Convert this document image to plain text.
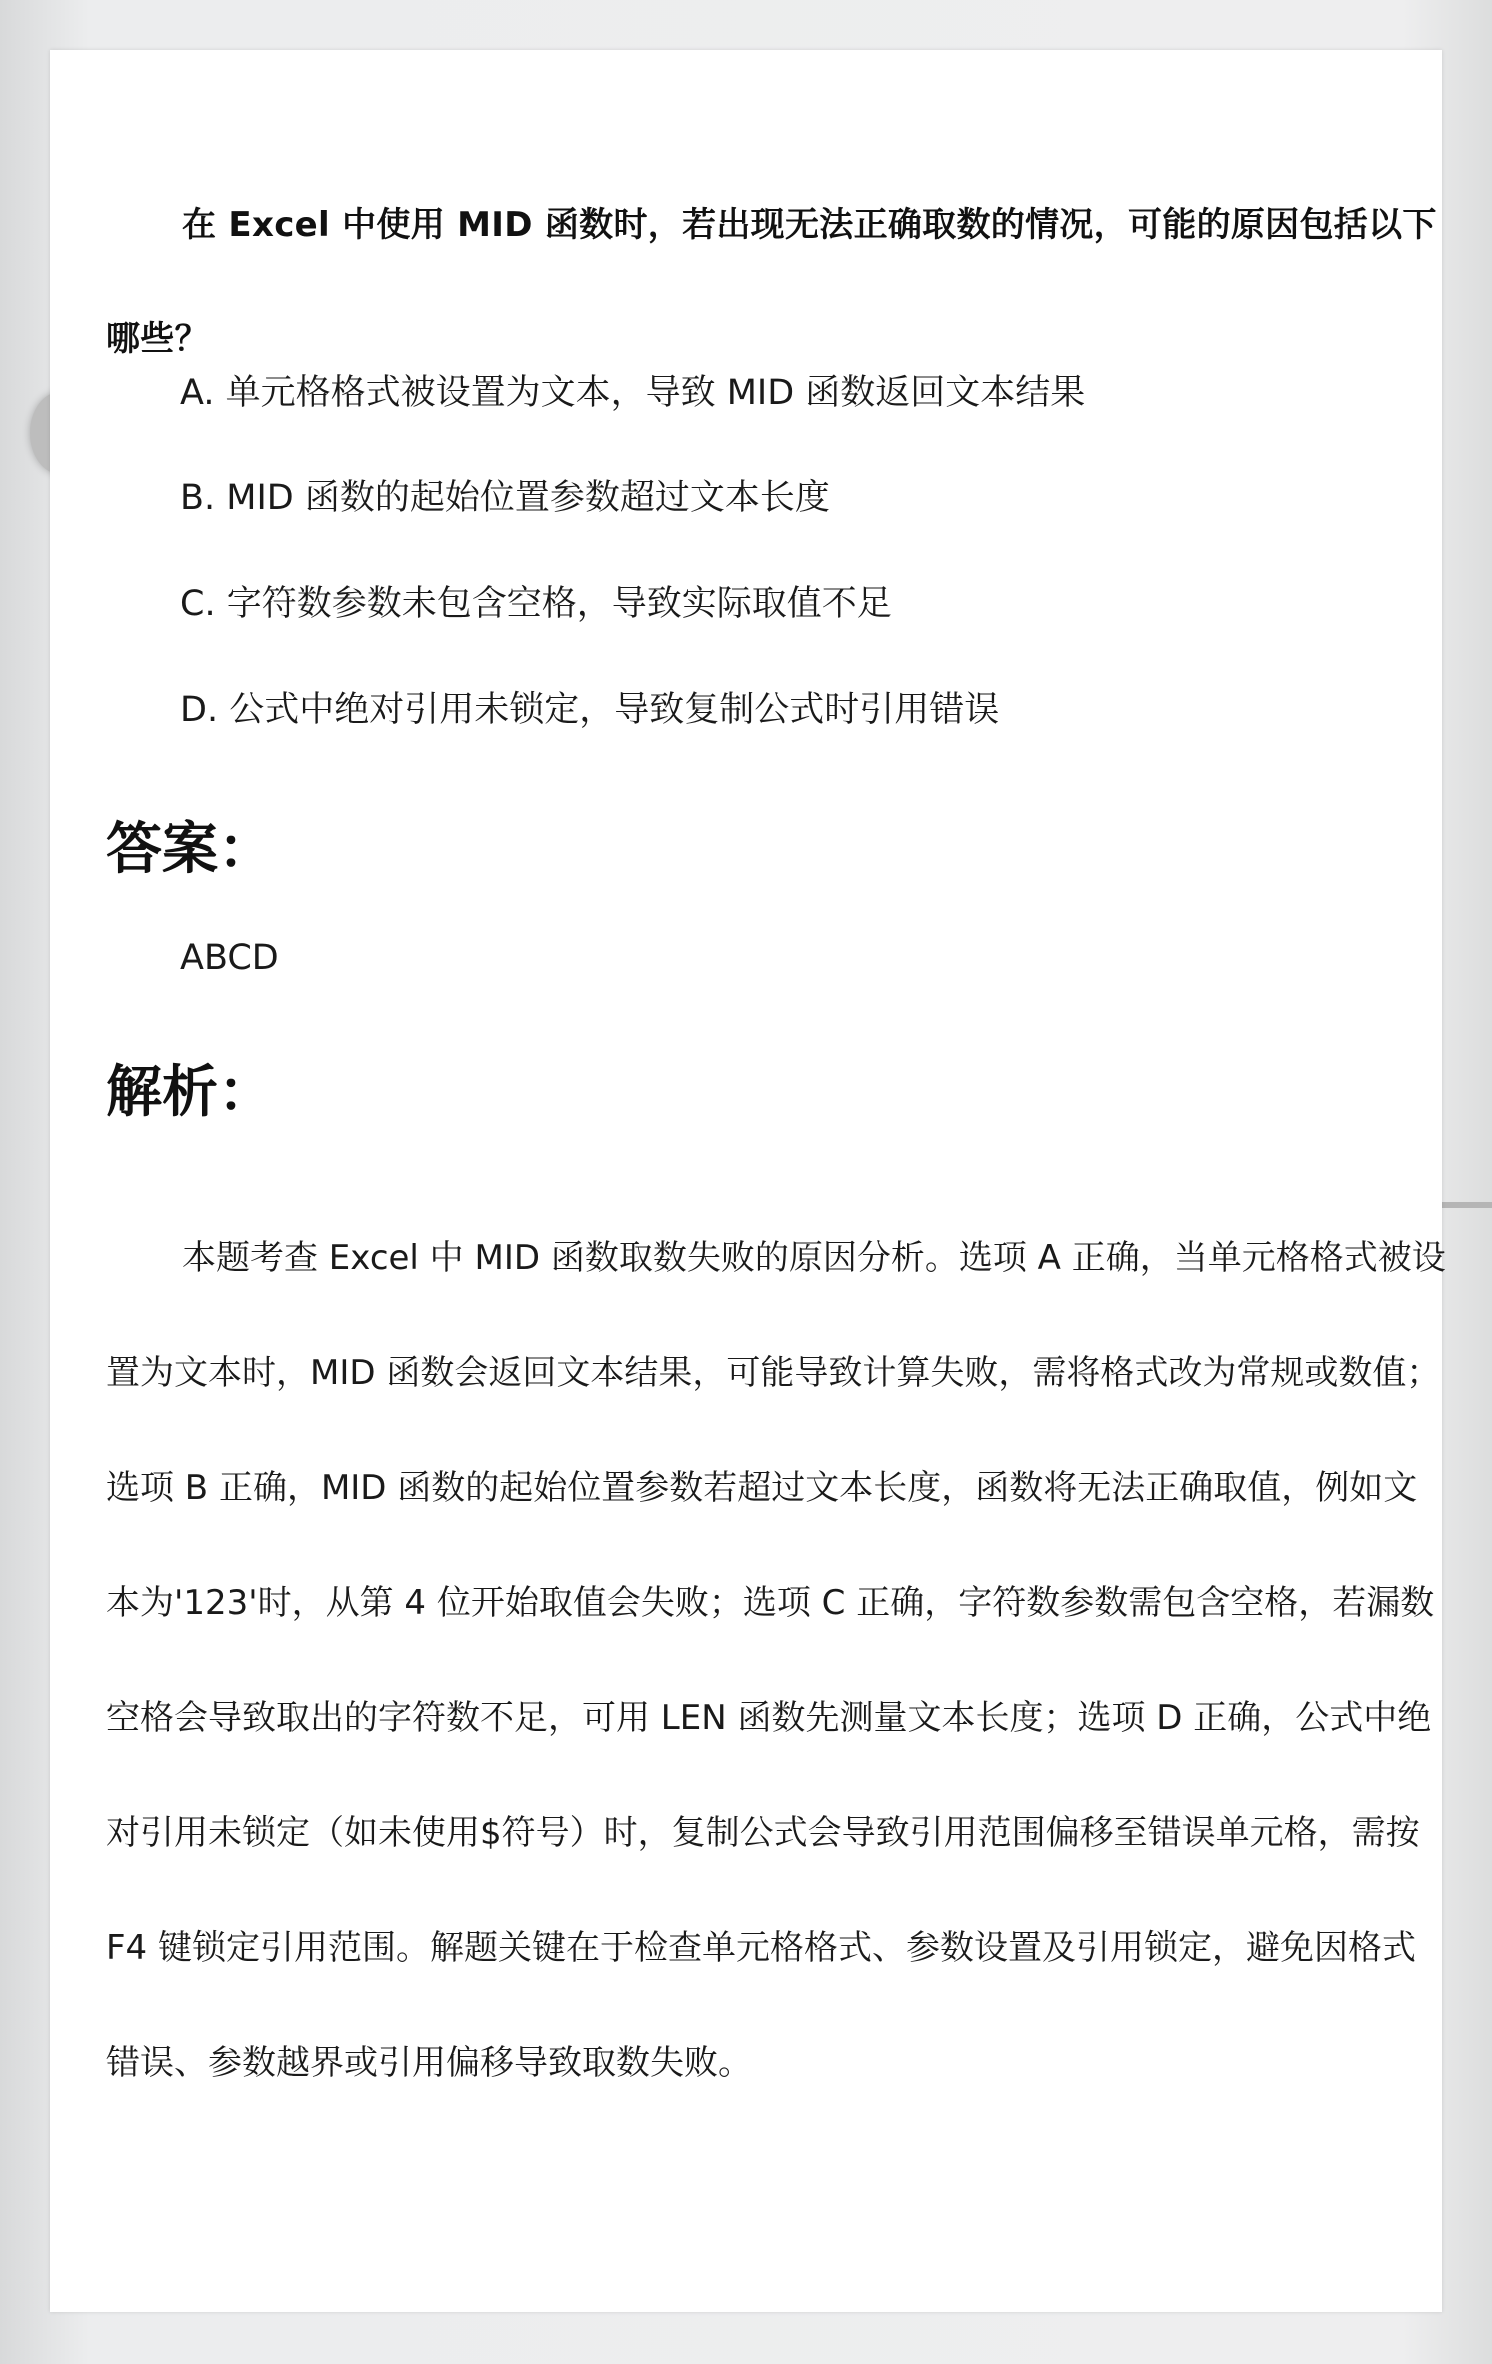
在 Excel 中使用 MID 函数时，若出现无法正确取数的情况，可能的原因包括以下哪些？

A. 单元格格式被设置为文本，导致 MID 函数返回文本结果

B. MID 函数的起始位置参数超过文本长度

C. 字符数参数未包含空格，导致实际取值不足

D. 公式中绝对引用未锁定，导致复制公式时引用错误

答案：

ABCD

解析：

本题考查 Excel 中 MID 函数取数失败的原因分析。选项 A 正确，当单元格格式被设置为文本时，MID 函数会返回文本结果，可能导致计算失败，需将格式改为常规或数值；选项 B 正确，MID 函数的起始位置参数若超过文本长度，函数将无法正确取值，例如文本为'123'时，从第 4 位开始取值会失败；选项 C 正确，字符数参数需包含空格，若漏数空格会导致取出的字符数不足，可用 LEN 函数先测量文本长度；选项 D 正确，公式中绝对引用未锁定（如未使用$符号）时，复制公式会导致引用范围偏移至错误单元格，需按 F4 键锁定引用范围。解题关键在于检查单元格格式、参数设置及引用锁定，避免因格式错误、参数越界或引用偏移导致取数失败。
